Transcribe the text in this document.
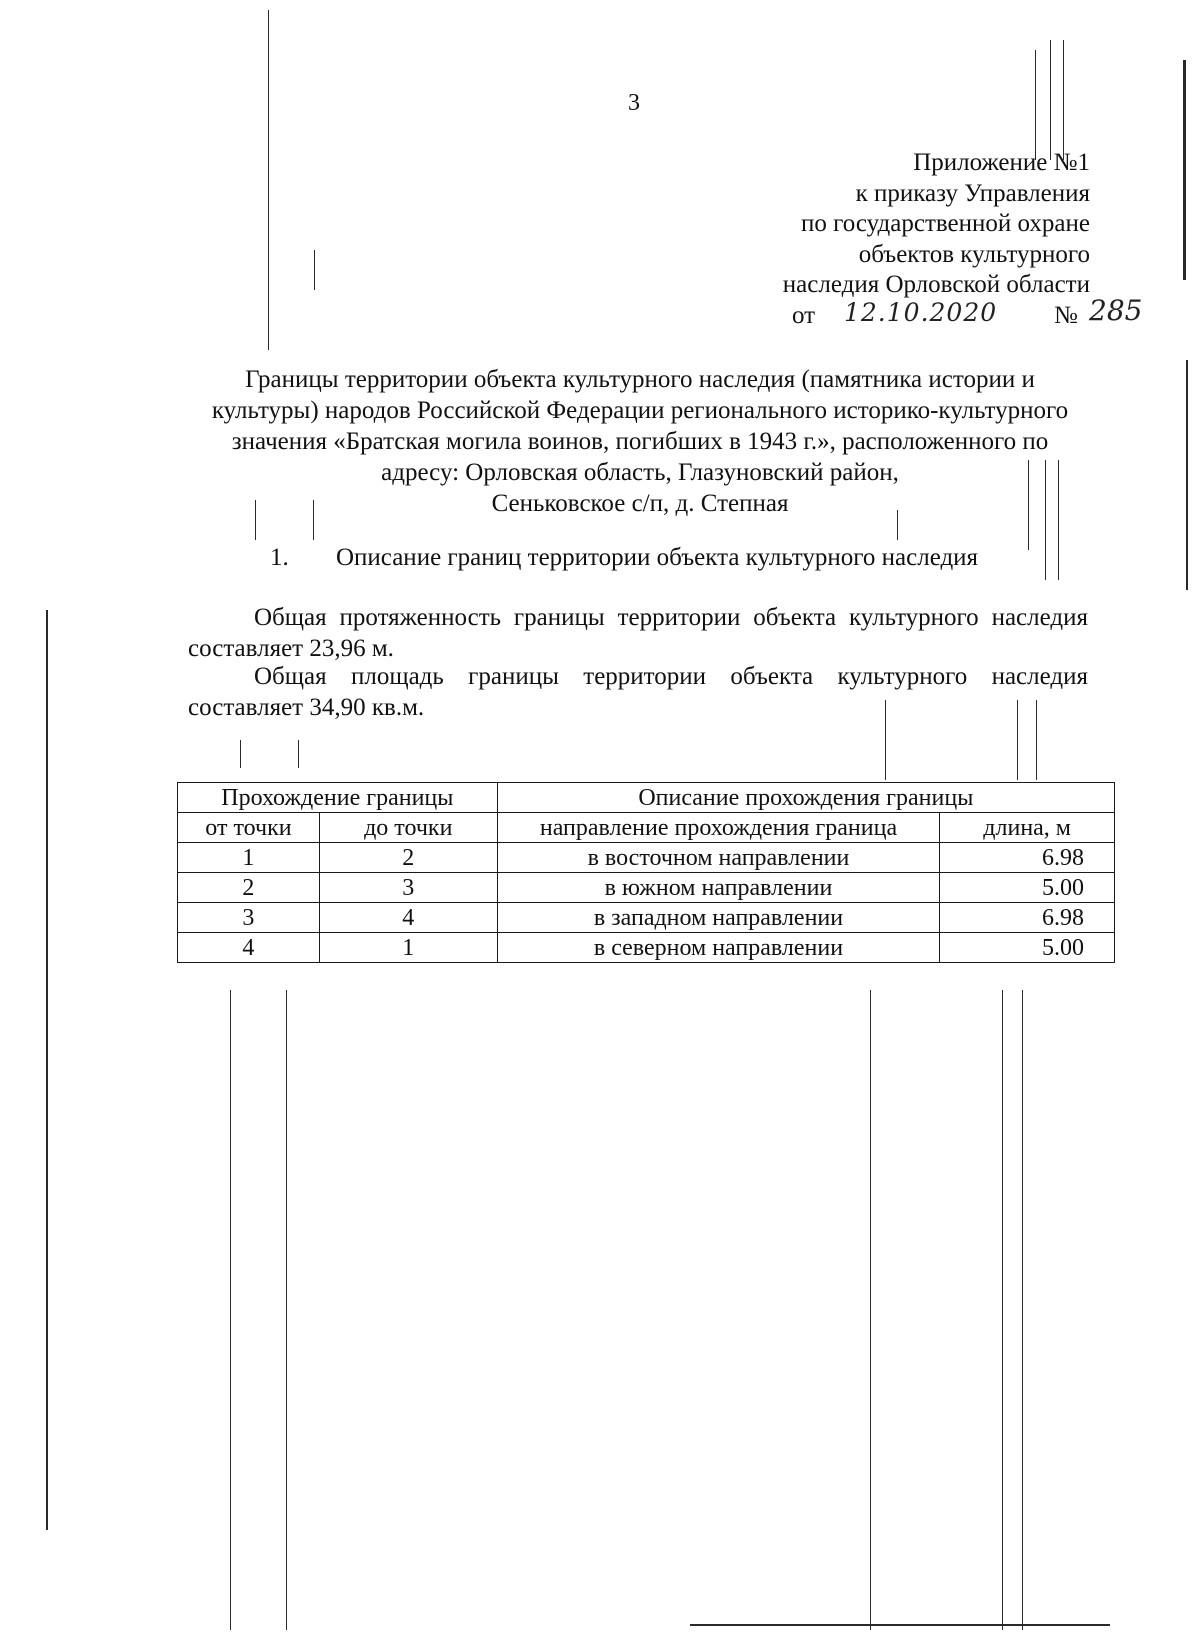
3
Приложение №1
к приказу Управления
по государственной охране
объектов культурного
наследия Орловской области
от 12.10.2020 № 285
Границы территории объекта культурного наследия (памятника истории и
культуры) народов Российской Федерации регионального историко-культурного
значения «Братская могила воинов, погибших в 1943 г.», расположенного по
адресу: Орловская область, Глазуновский район,
Сеньковское с/п, д. Степная
1. Описание границ территории объекта культурного наследия
Общая протяженность границы территории объекта культурного наследия составляет 23,96 м.
Общая площадь границы территории объекта культурного наследия составляет 34,90 кв.м.
Прохождение границы		Описание прохождения границы	
от точки	до точки	направление прохождения граница	длина, м
1	2	в восточном направлении	6.98
2	3	в южном направлении	5.00
3	4	в западном направлении	6.98
4	1	в северном направлении	5.00
